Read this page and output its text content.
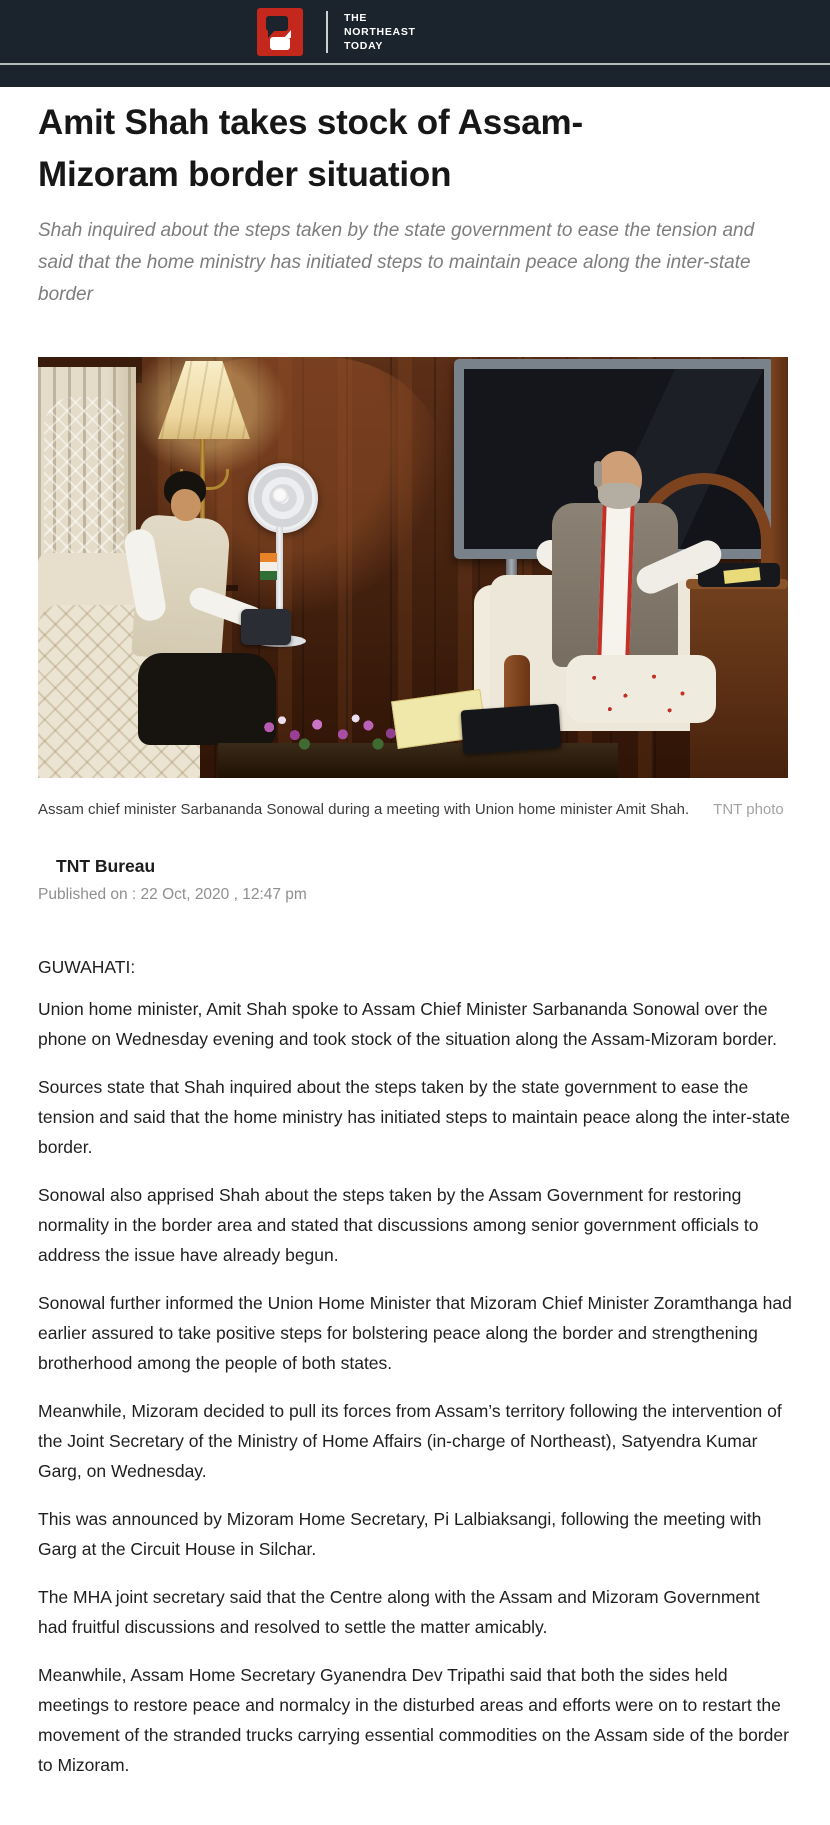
THE
NORTHEAST
TODAY
Amit Shah takes stock of Assam-Mizoram border situation

Shah inquired about the steps taken by the state government to ease the tension and said that the home ministry has initiated steps to maintain peace along the inter-state border

Assam chief minister Sarbananda Sonowal during a meeting with Union home minister Amit Shah. TNT photo
TNT Bureau
Published on : 22 Oct, 2020 , 12:47 pm

GUWAHATI:

Union home minister, Amit Shah spoke to Assam Chief Minister Sarbananda Sonowal over the phone on Wednesday evening and took stock of the situation along the Assam-Mizoram border.

Sources state that Shah inquired about the steps taken by the state government to ease the tension and said that the home ministry has initiated steps to maintain peace along the inter-state border.

Sonowal also apprised Shah about the steps taken by the Assam Government for restoring normality in the border area and stated that discussions among senior government officials to address the issue have already begun.

Sonowal further informed the Union Home Minister that Mizoram Chief Minister Zoramthanga had earlier assured to take positive steps for bolstering peace along the border and strengthening brotherhood among the people of both states.

Meanwhile, Mizoram decided to pull its forces from Assam’s territory following the intervention of the Joint Secretary of the Ministry of Home Affairs (in-charge of Northeast), Satyendra Kumar Garg, on Wednesday.

This was announced by Mizoram Home Secretary, Pi Lalbiaksangi, following the meeting with Garg at the Circuit House in Silchar.

The MHA joint secretary said that the Centre along with the Assam and Mizoram Government had fruitful discussions and resolved to settle the matter amicably.

Meanwhile, Assam Home Secretary Gyanendra Dev Tripathi said that both the sides held meetings to restore peace and normalcy in the disturbed areas and efforts were on to restart the movement of the stranded trucks carrying essential commodities on the Assam side of the border to Mizoram.
